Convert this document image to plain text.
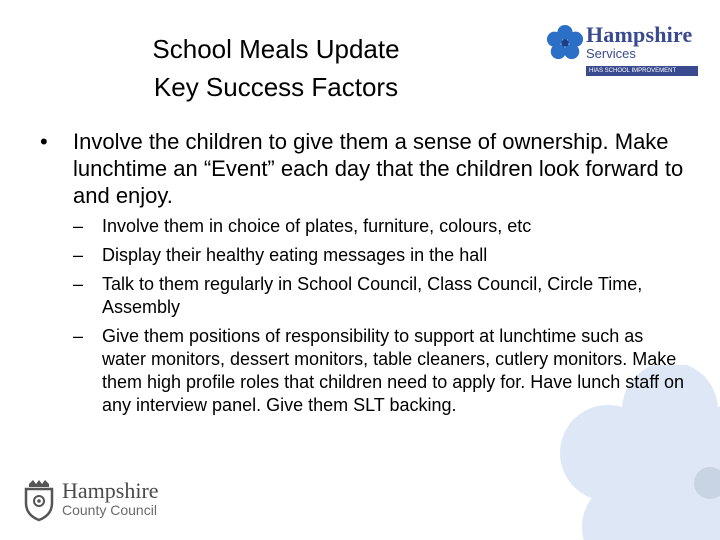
School Meals Update
Key Success Factors
Hampshire
Services
HIAS SCHOOL IMPROVEMENT
•	Involve the children to give them a sense of ownership. Make lunchtime an “Event” each day that the children look forward to and enjoy.
–	Involve them in choice of plates, furniture, colours, etc
–	Display their healthy eating messages in the hall
–	Talk to them regularly in School Council, Class Council, Circle Time, Assembly
–	Give them positions of responsibility to support at lunchtime such as water monitors, dessert monitors, table cleaners, cutlery monitors. Make them high profile roles that children need to apply for. Have lunch staff on any interview panel. Give them SLT backing.
Hampshire
County Council
